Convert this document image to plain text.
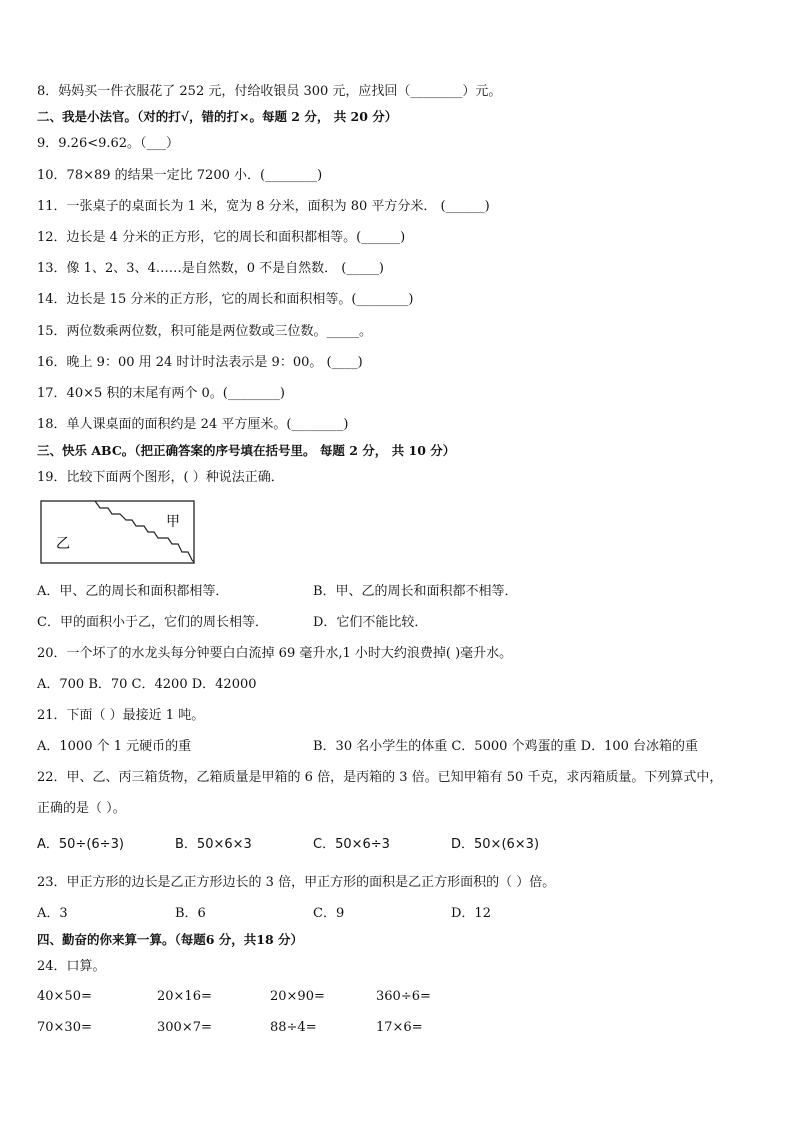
8．妈妈买一件衣服花了 252 元，付给收银员 300 元，应找回（________）元。
二、我是小法官。（对的打√，错的打×。每题 2 分， 共 20 分）
9．9.26<9.62。（___）
10．78×89 的结果一定比 7200 小．(________)
11．一张桌子的桌面长为 1 米，宽为 8 分米，面积为 80 平方分米． (______)
12．边长是 4 分米的正方形，它的周长和面积都相等。(______)
13．像 1、2、3、4……是自然数，0 不是自然数． (_____)
14．边长是 15 分米的正方形，它的周长和面积相等。(________)
15．两位数乘两位数，积可能是两位数或三位数。_____。
16．晚上 9：00 用 24 时计时法表示是 9：00。 (____)
17．40×5 积的末尾有两个 0。(________)
18．单人课桌面的面积约是 24 平方厘米。(________)
三、快乐 ABC。（把正确答案的序号填在括号里。 每题 2 分， 共 10 分）
19．比较下面两个图形，( ）种说法正确．
甲
乙
A．甲、乙的周长和面积都相等．	B．甲、乙的周长和面积都不相等．
C．甲的面积小于乙，它们的周长相等．	D．它们不能比较．
20．一个坏了的水龙头每分钟要白白流掉 69 毫升水,1 小时大约浪费掉( )毫升水。
A．700 B．70 C．4200 D．42000
21．下面（ ）最接近 1 吨。
A．1000 个 1 元硬币的重	B．30 名小学生的体重 C．5000 个鸡蛋的重 D．100 台冰箱的重
22．甲、乙、丙三箱货物，乙箱质量是甲箱的 6 倍，是丙箱的 3 倍。已知甲箱有 50 千克，求丙箱质量。下列算式中，
正确的是（ ）。
A．50÷(6÷3)	B．50×6×3	C．50×6÷3	D．50×(6×3)
23．甲正方形的边长是乙正方形边长的 3 倍，甲正方形的面积是乙正方形面积的（ ）倍。
A．3	B．6	C．9	D．12
四、勤奋的你来算一算。（每题6 分，共18 分）
24．口算。
40×50=	20×16=	20×90=	360÷6=
70×30=	300×7=	88÷4=	17×6=
